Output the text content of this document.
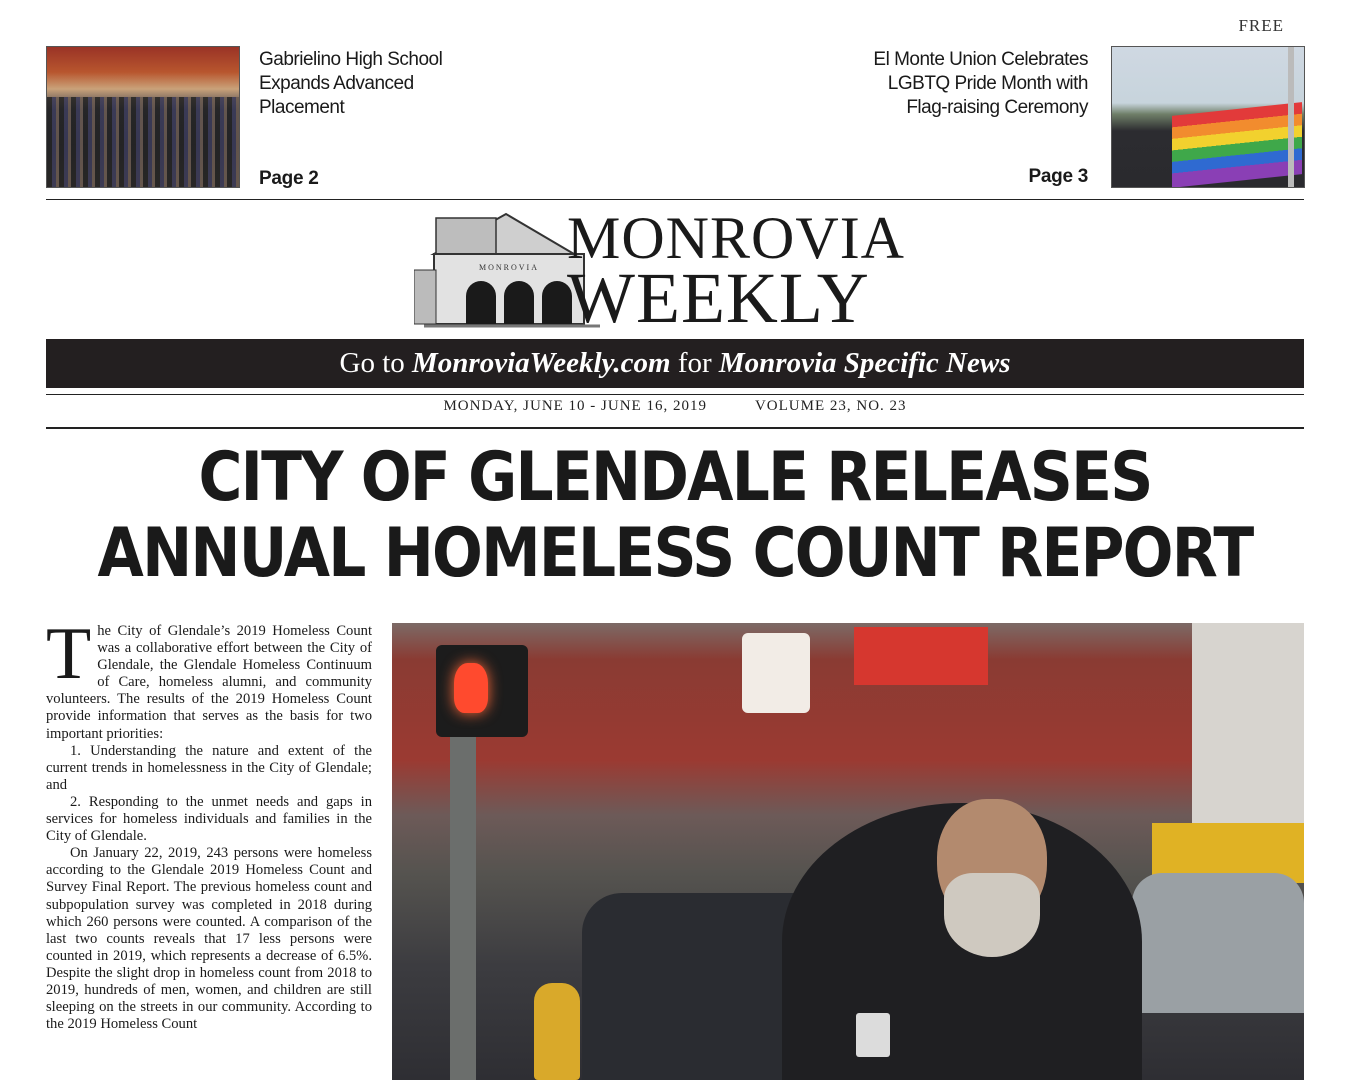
FREE
Gabrielino High School Expands Advanced Placement
Page 2
El Monte Union Celebrates LGBTQ Pride Month with Flag-raising Ceremony
Page 3
MONROVIA MONROVIA
WEEKLY
Go to MonroviaWeekly.com for Monrovia Specific News
MONDAY, JUNE 10 - JUNE 16, 2019	VOLUME 23, NO. 23
CITY OF GLENDALE RELEASES
ANNUAL HOMELESS COUNT REPORT

The City of Glendale’s 2019 Homeless Count was a collaborative effort between the City of Glendale, the Glendale Homeless Continuum of Care, homeless alumni, and community volunteers. The results of the 2019 Homeless Count provide information that serves as the basis for two important priorities:

1. Understanding the nature and extent of the current trends in homelessness in the City of Glendale; and

2. Responding to the unmet needs and gaps in services for homeless individuals and families in the City of Glendale.

On January 22, 2019, 243 persons were homeless according to the Glendale 2019 Homeless Count and Survey Final Report. The previous homeless count and subpopulation survey was completed in 2018 during which 260 persons were counted. A comparison of the last two counts reveals that 17 less persons were counted in 2019, which represents a decrease of 6.5%. Despite the slight drop in homeless count from 2018 to 2019, hundreds of men, women, and children are still sleeping on the streets in our community. According to the 2019 Homeless Count
